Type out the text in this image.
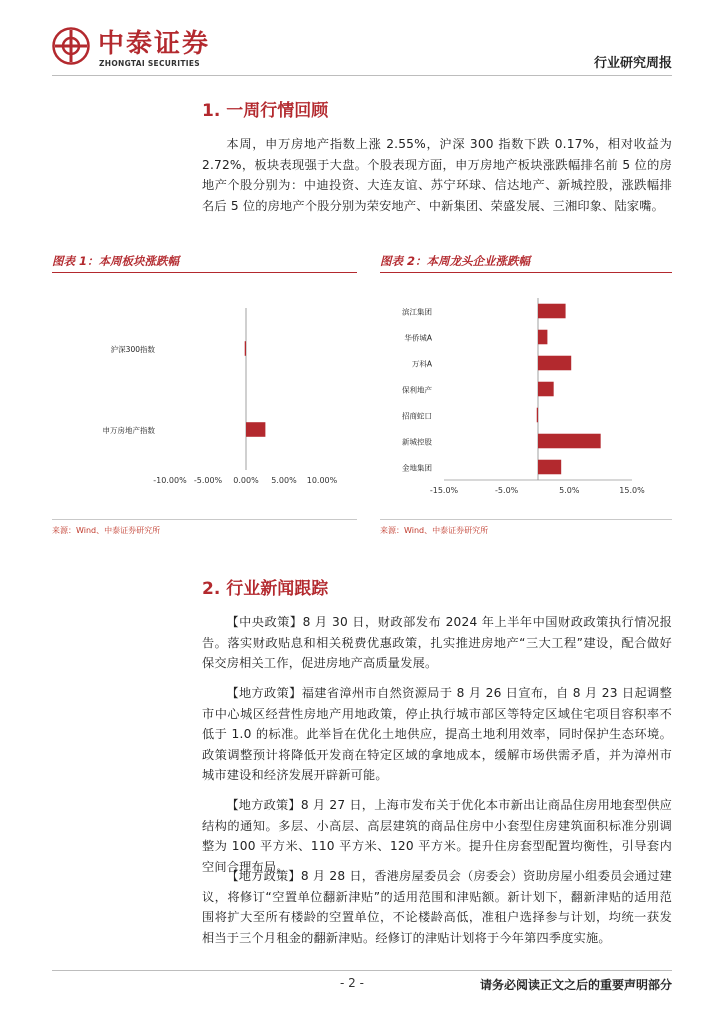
中泰证券
ZHONGTAI SECURITIES	行业研究周报
1. 一周行情回顾

本周，申万房地产指数上涨 2.55%，沪深 300 指数下跌 0.17%，相对收益为 2.72%，板块表现强于大盘。个股表现方面，申万房地产板块涨跌幅排名前 5 位的房地产个股分别为：中迪投资、大连友谊、苏宁环球、信达地产、新城控股，涨跌幅排名后 5 位的房地产个股分别为荣安地产、中新集团、荣盛发展、三湘印象、陆家嘴。

图表 1：本周板块涨跌幅
沪深300指数
申万房地产指数
-10.00% -5.00% 0.00% 5.00% 10.00%
来源：Wind、中泰证券研究所
图表 2：本周龙头企业涨跌幅
滨江集团
华侨城A
万科A
保利地产
招商蛇口
新城控股
金地集团
-15.0%	-5.0%	5.0%	15.0%
来源：Wind、中泰证券研究所
2. 行业新闻跟踪

【中央政策】8 月 30 日，财政部发布 2024 年上半年中国财政政策执行情况报告。落实财政贴息和相关税费优惠政策，扎实推进房地产“三大工程”建设，配合做好保交房相关工作，促进房地产高质量发展。

【地方政策】福建省漳州市自然资源局于 8 月 26 日宣布，自 8 月 23 日起调整市中心城区经营性房地产用地政策，停止执行城市部区等特定区域住宅项目容积率不低于 1.0 的标准。此举旨在优化土地供应，提高土地利用效率，同时保护生态环境。政策调整预计将降低开发商在特定区域的拿地成本，缓解市场供需矛盾，并为漳州市城市建设和经济发展开辟新可能。

【地方政策】8 月 27 日，上海市发布关于优化本市新出让商品住房用地套型供应结构的通知。多层、小高层、高层建筑的商品住房中小套型住房建筑面积标准分别调整为 100 平方米、110 平方米、120 平方米。提升住房套型配置均衡性，引导套内空间合理布局。

【地方政策】8 月 28 日，香港房屋委员会（房委会）资助房屋小组委员会通过建议，将修订“空置单位翻新津贴”的适用范围和津贴额。新计划下，翻新津贴的适用范围将扩大至所有楼龄的空置单位，不论楼龄高低，准租户选择参与计划，均统一获发相当于三个月租金的翻新津贴。经修订的津贴计划将于今年第四季度实施。

- 2 -	请务必阅读正文之后的重要声明部分
